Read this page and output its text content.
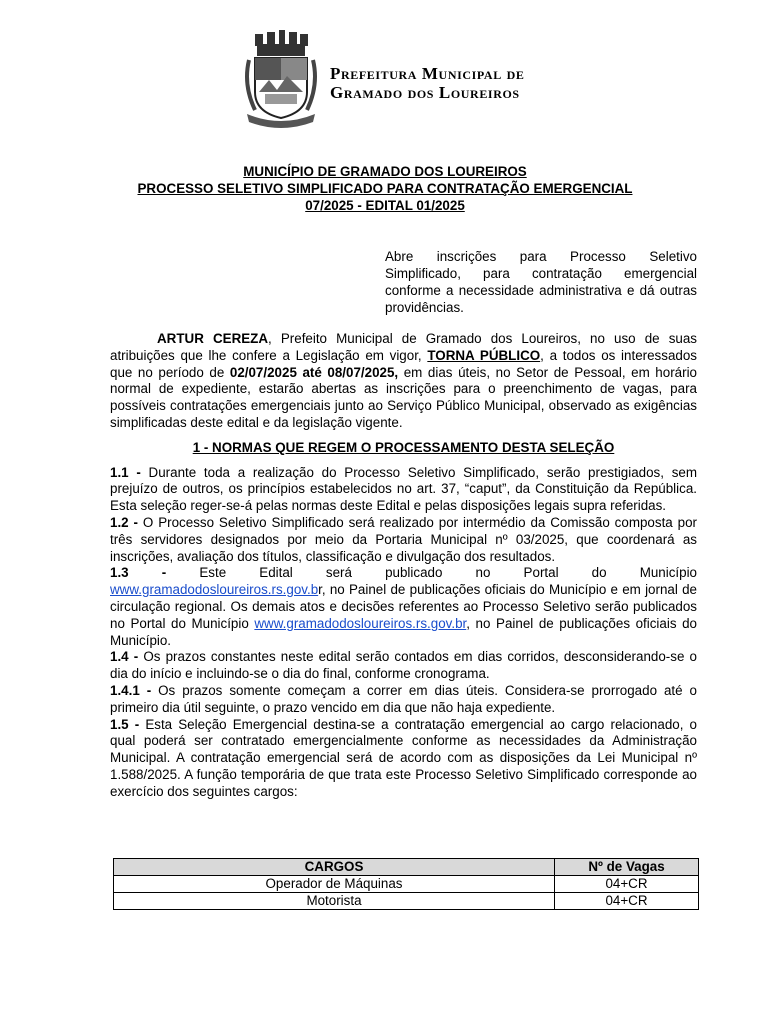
Prefeitura Municipal de
Gramado dos Loureiros
MUNICÍPIO DE GRAMADO DOS LOUREIROS
PROCESSO SELETIVO SIMPLIFICADO PARA CONTRATAÇÃO EMERGENCIAL
07/2025 - EDITAL 01/2025
Abre inscrições para Processo Seletivo Simplificado, para contratação emergencial conforme a necessidade administrativa e dá outras providências.

ARTUR CEREZA, Prefeito Municipal de Gramado dos Loureiros, no uso de suas atribuições que lhe confere a Legislação em vigor, TORNA PÚBLICO, a todos os interessados que no período de 02/07/2025 até 08/07/2025, em dias úteis, no Setor de Pessoal, em horário normal de expediente, estarão abertas as inscrições para o preenchimento de vagas, para possíveis contratações emergenciais junto ao Serviço Público Municipal, observado as exigências simplificadas deste edital e da legislação vigente.

1 - NORMAS QUE REGEM O PROCESSAMENTO DESTA SELEÇÃO

1.1 - Durante toda a realização do Processo Seletivo Simplificado, serão prestigiados, sem prejuízo de outros, os princípios estabelecidos no art. 37, “caput”, da Constituição da República. Esta seleção reger-se-á pelas normas deste Edital e pelas disposições legais supra referidas.

1.2 - O Processo Seletivo Simplificado será realizado por intermédio da Comissão composta por três servidores designados por meio da Portaria Municipal nº 03/2025, que coordenará as inscrições, avaliação dos títulos, classificação e divulgação dos resultados.

1.3 - Este Edital será publicado no Portal do Município

www.gramadodosloureiros.rs.gov.br, no Painel de publicações oficiais do Município e em jornal de circulação regional. Os demais atos e decisões referentes ao Processo Seletivo serão publicados no Portal do Município www.gramadodosloureiros.rs.gov.br, no Painel de publicações oficiais do Município.

1.4 - Os prazos constantes neste edital serão contados em dias corridos, desconsiderando-se o dia do início e incluindo-se o dia do final, conforme cronograma.

1.4.1 - Os prazos somente começam a correr em dias úteis. Considera-se prorrogado até o primeiro dia útil seguinte, o prazo vencido em dia que não haja expediente.

1.5 - Esta Seleção Emergencial destina-se a contratação emergencial ao cargo relacionado, o qual poderá ser contratado emergencialmente conforme as necessidades da Administração Municipal. A contratação emergencial será de acordo com as disposições da Lei Municipal nº 1.588/2025. A função temporária de que trata este Processo Seletivo Simplificado corresponde ao exercício dos seguintes cargos:

CARGOS	Nº de Vagas
Operador de Máquinas	04+CR
Motorista	04+CR
